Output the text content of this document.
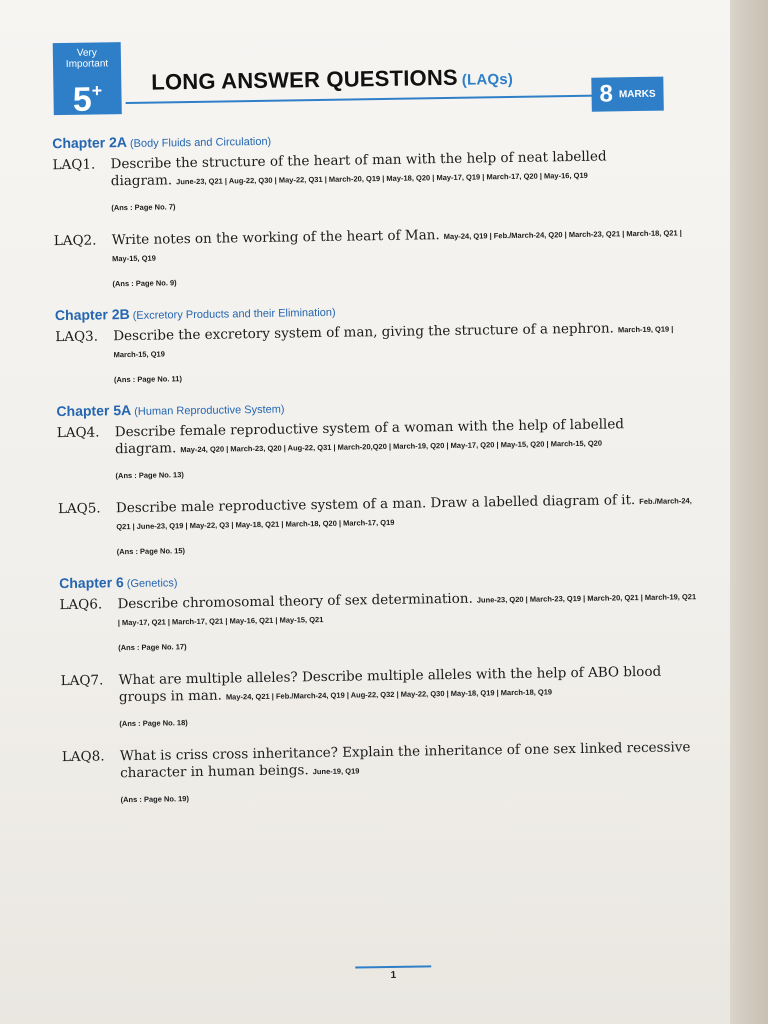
Very
Important
5+	LONG ANSWER QUESTIONS (LAQs)
8 MARKS
Chapter 2A (Body Fluids and Circulation)
LAQ1.	Describe the structure of the heart of man with the help of neat labelled diagram. June-23, Q21 | Aug-22, Q30 | May-22, Q31 | March-20, Q19 | May-18, Q20 | May-17, Q19 | March-17, Q20 | May-16, Q19
(Ans : Page No. 7)
LAQ2.	Write notes on the working of the heart of Man. May-24, Q19 | Feb./March-24, Q20 | March-23, Q21 | March-18, Q21 | May-15, Q19
(Ans : Page No. 9)
Chapter 2B (Excretory Products and their Elimination)
LAQ3.	Describe the excretory system of man, giving the structure of a nephron. March-19, Q19 | March-15, Q19
(Ans : Page No. 11)
Chapter 5A (Human Reproductive System)
LAQ4.	Describe female reproductive system of a woman with the help of labelled diagram. May-24, Q20 | March-23, Q20 | Aug-22, Q31 | March-20,Q20 | March-19, Q20 | May-17, Q20 | May-15, Q20 | March-15, Q20
(Ans : Page No. 13)
LAQ5.	Describe male reproductive system of a man. Draw a labelled diagram of it. Feb./March-24, Q21 | June-23, Q19 | May-22, Q3 | May-18, Q21 | March-18, Q20 | March-17, Q19
(Ans : Page No. 15)
Chapter 6 (Genetics)
LAQ6.	Describe chromosomal theory of sex determination. June-23, Q20 | March-23, Q19 | March-20, Q21 | March-19, Q21 | May-17, Q21 | March-17, Q21 | May-16, Q21 | May-15, Q21
(Ans : Page No. 17)
LAQ7.	What are multiple alleles? Describe multiple alleles with the help of ABO blood groups in man. May-24, Q21 | Feb./March-24, Q19 | Aug-22, Q32 | May-22, Q30 | May-18, Q19 | March-18, Q19
(Ans : Page No. 18)
LAQ8.	What is criss cross inheritance? Explain the inheritance of one sex linked recessive character in human beings. June-19, Q19
(Ans : Page No. 19)
1
